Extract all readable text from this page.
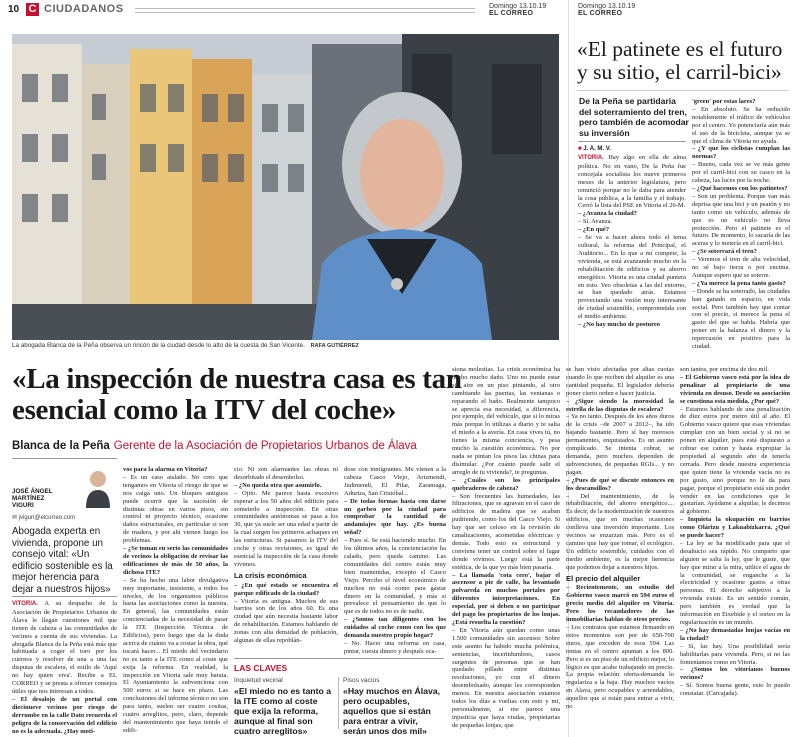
10 C CIUDADANOS	Domingo 13.10.19
EL CORREO
Domingo 13.10.19
EL CORREO
La abogada Blanca de la Peña observa un rincón de la ciudad desde lo alto de la cuesta de San Vicente. RAFA GUTIÉRREZ
«El patinete es el futuro y su sitio, el carril-bici»
De la Peña se partidaria del soterramiento del tren, pero también de acomodar su inversión
■ J. A. M. V.

VITORIA. Hay algo en ella de alma política. No en vano, De la Peña fue concejala socialista los nueve primeros meses de la anterior legislatura, pero renunció porque no le daba para atender la cosa pública, a la familia y el trabajo. Cerró la lista del PSE en Vitoria el 26-M.

– ¿Avanza la ciudad?

– Sí. Avanza.

– ¿En qué?

– Se va a hacer ahora todo el tema cultural, la reforma del Principal, el Auditorio... En lo que a mí compete, la vivienda, se está avanzando mucho en la rehabilitación de edificios y su ahorro energético. Vitoria es una ciudad puntera en esto. Veo obsoletas a las del entorno, se han quedado atrás. Estamos provectando una visión muy interesante de ciudad sostenible, comprometida con el medio ambiente.

– ¿No hay mucho de postureo

'green' por estas lares?

– En absoluto. Se ha reducido notablemente el tráfico de vehículos por el centro. Yo potenciaría aún más el uso de la bicicleta, aunque ya se que el clima de Vitoria no ayuda.

– ¿Y que los ciclistas cumplan las normas?

– Bueno, cada vez se ve más gente por el carril-bici con su casco en la cabeza, las luces por la noche.

– ¿Qué hacemos con los patinetes?

– Son un problema. Porque van más deprisa que una bici y un peatón y no tanto como un vehículo, además de que es un vehículo no lleva protección. Pero el patinete es el futuro. De momento, lo sacaría de las aceras y lo metería en el carril-bici.

– ¿Se soterrará el tren?

– Veremos el tren de alta velocidad, no sé bajo tierra o por encima. Aunque espero que se soterre.

– ¿Ya merece la pena tanto gasto?

– Donde se ha soterrado, las ciudades han ganado en espacio, en vida social. Pero también hay que contar con el precio, si merece la pena el gasto del que se habla. Habría que poner en la balanza el dinero y la repercusión en positivo para la ciudad.

«La inspección de nuestra casa es tan esencial como la ITV del coche»
Blanca de la Peña Gerente de la Asociación de Propietarios Urbanos de Álava
JOSÉ ÁNGEL
MARTÍNEZ
VIGURI
✉ jviguri@elcorreo.com
Abogada experta en vivienda, propone un consejo vital: «Un edificio sostenible es la mejor herencia para dejar a nuestros hijos»

VITORIA. A su despacho de la Asociación de Propietarios Urbanos de Álava le llegan cuestiones mil que tienen de cabeza a las comunidades de vecinos a cuenta de sus viviendas. La abogada Blanca de la Peña está más que habituada a coger el toro por los cuernos y resolver de una a una las disputas de escalera, el estilo de 'Aquí no hay quien viva'. Recibe a EL CORREO y se presta a ofrecer consejos útiles que nos interesan a todos.

– El desalojo de un portal con diecinueve vecinos por riesgo de derrumbe en la calle Dato recuerda el peligro de la conservación del edificio no es la adecuada. ¿Hay moti-

vos para la alarma en Vitoria?

– Es un caso aislado. No creo que tengamos en Vitoria el riesgo de que se nos caiga uno. Un bloques antiguos puede ocurrir que la sucesión de distintas obras en varios pisos, sin control ni proyecto técnico, ocasione daños estructurales, en particular si son de madera, y por ahí vienen luego los problemas.

– ¿Se toman en serio las comunidades de vecinos la obligación de revisar las edificaciones de más de 50 años, la dichosa ITE?

– Se ha hecho una labor divulgativa muy importante, insistente, a todos los niveles, de los organismos públicos hasta las asociaciones como la nuestra. En general, las comunidades están concienciadas de la necesidad de pasar la ITE (Inspección Técnica de Edificios), pero luego que da la duda acerca de cuánto va a costar la obra, qué tocará hacer... El miedo del vecindario no es tanto a la ITE como al coste que exija la reforma. En realidad, la inspección en Vitoria sale muy barata. El Ayuntamiento la subvenciona con 500 euros si se hace en plazo. Las conclusiones del informe técnico no son para tanto, suelen ser cuatro cositas, cuatro arreglitos, pero, claro, depende del mantenimiento que haya tenido el edifi-

cio. Ni son alarmantes las obras ni desorbitado el desembolso.

– ¿No queda otra que asumirlo.

– Ojito. Me parece hasta excesivo esperar a los 50 años del edificio para someterlo a inspección. En otras comunidades autónomas se pasa a los 30, que ya suele ser una edad a partir de la cual surgen los primeros achaques en las estructuras. Si pasamos la ITV del coche y otras revisiones, es igual de esencial la inspección de la casa donde vivimos.

La crisis económica

– ¿En qué estado se encuentra el parque edificado de la ciudad?

– Vitoria es antigua. Muchos de sus barrios son de los años 60. Es una ciudad que aún necesita bastante labor de rehabilitación. Estamos hablando de zonas con alta densidad de población, algunas de ellas repoblán-

dose con inmigrantes. Me vienen a la cabeza Casco Viejo, Arizmendi, Judimendi, El Pilar, Zaramaga, Adurtza, San Cristóbal...

– De todas formas hasta con darse un garbeo por la ciudad para comprobar la cantidad de andamiajes que hay. ¿Es buena señal?

– Pues sí. Se está haciendo mucho. En los últimos años, la concienciación ha calado, pero queda camino. Las comunidades del centro están muy bien mantenidas, excepto el Casco Viejo. Percibo el nivel económico de muchos no está como para gastar dinero en la comunidad, y más si prevalece el pensamiento de que lo que es de todos no es de nadie.

– ¿Somos tan diligentes con los cuidados al coche como con los que demanda nuestro propio hogar?

– No. Hacer una reforma en casa, pintar, cuesta dinero y después oca-

LAS CLAVES
Inquietud vecinal
«El miedo no es tanto a la ITE como al coste que exija la reforma, aunque al final son cuatro arreglitos»
Pisos vacíos
«Hay muchos en Álava, pero ocupables, aquellos que si están para entrar a vivir, serán unos dos mil»

siona molestias. La crisis económica ha hecho mucho daño. Uno no puede estar sin aire en un piso pintando, al otro cambiando las puertas, las ventanas o reparando el baño. Realmente tampoco se aprecia esa necesidad, a diferencia, por ejemplo, del vehículo, que si lo miras más porque lo utilizas a diario y te salta el miedo a la avería. En casa vives tú, no tienes la misma conciencia, y pesa mucho la cuestión económica. No por nada se pintan los pisos las chinas para disimular. ¿Por cuánto puede salir el arreglo de tu vivienda?, te preguntas.

– ¿Cuáles son los principales quebraderos de cabeza?

– Son frecuentes las humedades, las filtraciones, que se agravan en el caso de edificios de madera que se acaban pudriendo, como los del Casco Viejo. Si hay que ser celoso en la revisión de canalizaciones, acometidas eléctricas y demás. Todo esto es estructural y conviene tener un control sobre el lugar donde vivimos. Luego está la parte estética, de la que yo más bien pasaría.

– La llamada 'cota cero', bajar el ascensor a pie de calle, ha levantado polvareda en muchos portales por diferentes interpretaciones. En especial, por si deben o no participar del pago los propietarios de los lonjas. ¿Está resuelta la cuestión?

– En Vitoria aún quedan como unas 1.500 comunidades sin ascensor. Sobre este asunto ha habido mucha polémica, sentencias, incertidumbres, casos surgentes de personas que se han quedado pillado entre distintas resoluciones, yo con el dinero desembolsado, aunque les corresponden menos. En nuestra asociación estamos todos los días a vueltas con esto y mi, personalmente, si me parece una injusticia que haya viudas, propietarias de pequeñas lonjas, que

se han visto afectadas por altas cuotas cuando lo que reciben del alquiler es una cantidad pequeña. El legislador debería poner cierto orden e hacer justicia.

– ¿Sigue siendo la morosidad la estrella de las disputas de escalera?

– Ya no tanto. Después de los años duros de la crisis –de 2007 a 2012–, ha ido bajando bastante. Pero sí hay morosos permanentes, enquistados. Es un asunto complicado. Se intenta cobrar, se demanda, pero muchos dependen de subvenciones, de pequeñas RGIs... y no pagan.

– ¿Pues de qué se discute entonces en los descansillos?

– Del mantenimiento, de la rehabilitación, del ahorro energético.... Es decir, de la modernización de nuestros edificios, que en muchas ocasiones conlleva una inversión importante. Los vecinos se enzarzan más. Pero es el camino que hay que tomar, el ecológico. Un edificio sostenible, cuidados con el medio ambiente, es la mejor herencia que podemos dejar a nuestros hijos.

El precio del alquiler

– Recientemente, un estudio del Gobierno vasco marcó en 594 euros el precio medio del alquiler en Vitoria. Pero los recaudadores de las inmobiliarias hablan de otros precios.

– Los contratos que estamos firmando en estos momentos son por de 650-700 euros, que exceden de esos 594. Las rentas en el centro apuntan a los 800. Pero si es un piso de un edificio mejor, lo lógico es que acabe trabajando en precio. La propia relación oferta-demanda lo regulariza a la baja. Hay muchos vacíos en Álava, pero ocupables y arrendables, aquellos que si están para entrar a vivir, no

son tantos, por encima de dos mil.

– El Gobierno vasco está por la idea de penalizar al propietario de una vivienda en desuso. Desde su asociación se cuestiona esta medida. ¿Por qué?

– Estamos hablando de una penalización de diez euros por metro útil al año. El Gobierno vasco quiere que esas viviendas cumplan con un bien social y si no se ponen en alquiler, pues está dispuesto a cobrar ese canon y hasta expropiar la propiedad al segundo año de tenerla cerrada. Pero desde nuestra experiencia que quien tiene la vivienda vacía no es por gusto, sino porque no le da para pagar, porque el propietario está sin poder vender en las condiciones que le gustarían. Ayúdame a alquilar, le decimos al gobierno.

– Inquieta la okupación en barrios como Olárizu y Lakuabizkarra. ¿Qué se puede hacer?

– La ley se ha modificado para que el desahucio sea rápido. No comparto que alguien se salta la ley, que le guste, que hay que mirar a la mira, utilice el agua de la comunidad, se enganche a la electricidad y ocasione gastos a otras personas. El derecho subjetivo a la vivienda existe. Es un sentido común, pero también es verdad que la información en Etxebide y el sorteo en la regularización es un mundo.

– ¿No hay demasiadas lonjas vacías en la ciudad?

– Sí, las hay. Una posibilidad sería habilitarlas para vivienda. Pero, si no las fomentamos como en Vitoria.

– ¿Somos los vitorianos buenos vecinos?

– Sí. Somos buena gente, esto lo puedo constatar. (Carcajada).
